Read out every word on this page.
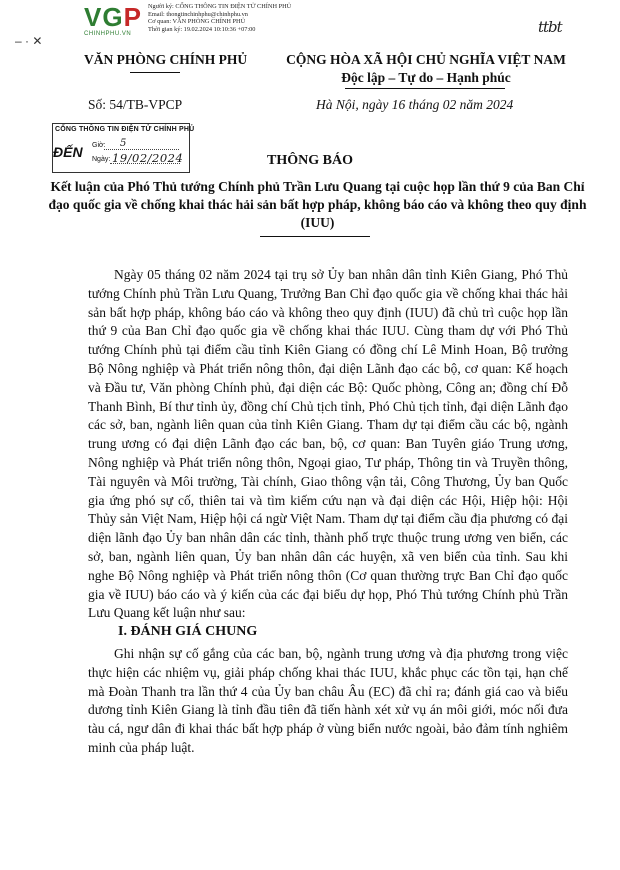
VGP
CHINHPHU.VN
Người ký: CỔNG THÔNG TIN ĐIỆN TỬ CHÍNH PHỦ
Email: thongtinchinhphu@chinhphu.vn
Cơ quan: VĂN PHÒNG CHÍNH PHỦ
Thời gian ký: 19.02.2024 10:10:36 +07:00
– · ✕
ttbt
VĂN PHÒNG CHÍNH PHỦ	CỘNG HÒA XÃ HỘI CHỦ NGHĨA VIỆT NAM
Độc lập – Tự do – Hạnh phúc
Số: 54/TB-VPCP	Hà Nội, ngày 16 tháng 02 năm 2024
CỔNG THÔNG TIN ĐIỆN TỬ CHÍNH PHỦ
ĐẾN Giờ:
Ngày:
5
19/02/2024	THÔNG BÁO
Kết luận của Phó Thủ tướng Chính phủ Trần Lưu Quang tại cuộc họp lần thứ 9 của Ban Chỉ đạo quốc gia về chống khai thác hải sản bất hợp pháp, không báo cáo và không theo quy định (IUU)
Ngày 05 tháng 02 năm 2024 tại trụ sở Ủy ban nhân dân tỉnh Kiên Giang, Phó Thủ tướng Chính phủ Trần Lưu Quang, Trưởng Ban Chỉ đạo quốc gia về chống khai thác hải sản bất hợp pháp, không báo cáo và không theo quy định (IUU) đã chủ trì cuộc họp lần thứ 9 của Ban Chỉ đạo quốc gia về chống khai thác IUU. Cùng tham dự với Phó Thủ tướng Chính phủ tại điểm cầu tỉnh Kiên Giang có đồng chí Lê Minh Hoan, Bộ trưởng Bộ Nông nghiệp và Phát triển nông thôn, đại diện Lãnh đạo các bộ, cơ quan: Kế hoạch và Đầu tư, Văn phòng Chính phủ, đại diện các Bộ: Quốc phòng, Công an; đồng chí Đỗ Thanh Bình, Bí thư tỉnh ủy, đồng chí Chủ tịch tỉnh, Phó Chủ tịch tỉnh, đại diện Lãnh đạo các sở, ban, ngành liên quan của tỉnh Kiên Giang. Tham dự tại điểm cầu các bộ, ngành trung ương có đại diện Lãnh đạo các ban, bộ, cơ quan: Ban Tuyên giáo Trung ương, Nông nghiệp và Phát triển nông thôn, Ngoại giao, Tư pháp, Thông tin và Truyền thông, Tài nguyên và Môi trường, Tài chính, Giao thông vận tải, Công Thương, Ủy ban Quốc gia ứng phó sự cố, thiên tai và tìm kiếm cứu nạn và đại diện các Hội, Hiệp hội: Hội Thủy sản Việt Nam, Hiệp hội cá ngừ Việt Nam. Tham dự tại điểm cầu địa phương có đại diện lãnh đạo Ủy ban nhân dân các tỉnh, thành phố trực thuộc trung ương ven biển, các sở, ban, ngành liên quan, Ủy ban nhân dân các huyện, xã ven biển của tỉnh. Sau khi nghe Bộ Nông nghiệp và Phát triển nông thôn (Cơ quan thường trực Ban Chỉ đạo quốc gia về IUU) báo cáo và ý kiến của các đại biểu dự họp, Phó Thủ tướng Chính phủ Trần Lưu Quang kết luận như sau:
I. ĐÁNH GIÁ CHUNG
Ghi nhận sự cố gắng của các ban, bộ, ngành trung ương và địa phương trong việc thực hiện các nhiệm vụ, giải pháp chống khai thác IUU, khắc phục các tồn tại, hạn chế mà Đoàn Thanh tra lần thứ 4 của Ủy ban châu Âu (EC) đã chỉ ra; đánh giá cao và biểu dương tỉnh Kiên Giang là tỉnh đầu tiên đã tiến hành xét xử vụ án môi giới, móc nối đưa tàu cá, ngư dân đi khai thác bất hợp pháp ở vùng biển nước ngoài, bảo đảm tính nghiêm minh của pháp luật.
